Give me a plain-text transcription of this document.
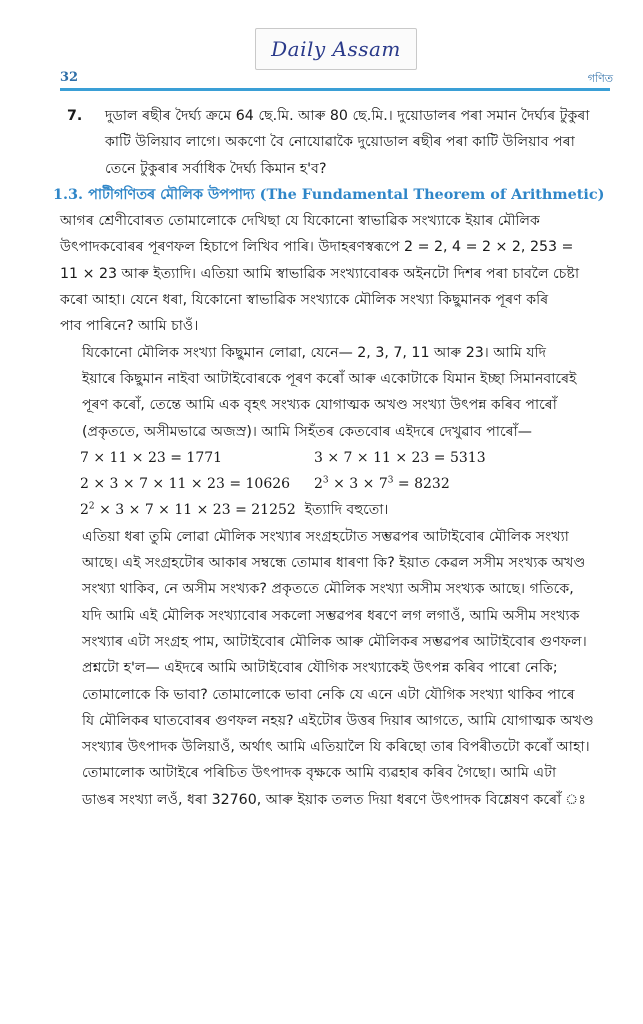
Daily Assam
32	গণিত
7.	দুডাল ৰছীৰ দৈৰ্ঘ্য ক্ৰমে 64 ছে.মি. আৰু 80 ছে.মি.। দুয়োডালৰ পৰা সমান দৈৰ্ঘ্যৰ টুকুৰা
কাটি উলিয়াব লাগে। অকণো বৈ নোযোৱাকৈ দুয়োডাল ৰছীৰ পৰা কাটি উলিয়াব পৰা
তেনে টুকুৰাৰ সৰ্বাধিক দৈৰ্ঘ্য কিমান হ'ব?
1.3. পাটীগণিতৰ মৌলিক উপপাদ্য (The Fundamental Theorem of Arithmetic)

আগৰ শ্ৰেণীবোৰত তোমালোকে দেখিছা যে যিকোনো স্বাভাৱিক সংখ্যাকে ইয়াৰ মৌলিক
উৎপাদকবোৰৰ পূৰণফল হিচাপে লিখিব পাৰি। উদাহৰণস্বৰূপে 2 = 2, 4 = 2 × 2, 253 =
11 × 23 আৰু ইত্যাদি। এতিয়া আমি স্বাভাৱিক সংখ্যাবোৰক অইনটো দিশৰ পৰা চাবলৈ চেষ্টা
কৰো আহা। যেনে ধৰা, যিকোনো স্বাভাৱিক সংখ্যাকে মৌলিক সংখ্যা কিছুমানক পূৰণ কৰি
পাব পাৰিনে? আমি চাওঁ।

যিকোনো মৌলিক সংখ্যা কিছুমান লোৱা, যেনে— 2, 3, 7, 11 আৰু 23। আমি যদি
ইয়াৰে কিছুমান নাইবা আটাইবোৰকে পূৰণ কৰোঁ আৰু একোটাকে যিমান ইচ্ছা সিমানবাৰেই
পূৰণ কৰোঁ, তেন্তে আমি এক বৃহৎ সংখ্যক যোগাত্মক অখণ্ড সংখ্যা উৎপন্ন কৰিব পাৰোঁ
(প্ৰকৃততে, অসীমভাৱে অজস্ৰ)। আমি সিহঁতৰ কেতবোৰ এইদৰে দেখুৱাব পাৰোঁ—

7 × 11 × 23 = 1771	3 × 7 × 11 × 23 = 5313
2 × 3 × 7 × 11 × 23 = 10626	$2^3 \times 3 \times 7^3 = 8232$
$2^2 \times 3 \times 7 \times 11 \times 23 = 21252$ ইত্যাদি বহুতো।

এতিয়া ধৰা তুমি লোৱা মৌলিক সংখ্যাৰ সংগ্ৰহটোত সম্ভৱপৰ আটাইবোৰ মৌলিক সংখ্যা
আছে। এই সংগ্ৰহটোৰ আকাৰ সম্বন্ধে তোমাৰ ধাৰণা কি? ইয়াত কেৱল সসীম সংখ্যক অখণ্ড
সংখ্যা থাকিব, নে অসীম সংখ্যক? প্ৰকৃততে মৌলিক সংখ্যা অসীম সংখ্যক আছে। গতিকে,
যদি আমি এই মৌলিক সংখ্যাবোৰ সকলো সম্ভৱপৰ ধৰণে লগ লগাওঁ, আমি অসীম সংখ্যক
সংখ্যাৰ এটা সংগ্ৰহ পাম, আটাইবোৰ মৌলিক আৰু মৌলিকৰ সম্ভৱপৰ আটাইবোৰ গুণফল।
প্ৰশ্নটো হ'ল— এইদৰে আমি আটাইবোৰ যৌগিক সংখ্যাকেই উৎপন্ন কৰিব পাৰো নেকি;
তোমালোকে কি ভাবা? তোমালোকে ভাবা নেকি যে এনে এটা যৌগিক সংখ্যা থাকিব পাৰে
যি মৌলিকৰ ঘাতবোৰৰ গুণফল নহয়? এইটোৰ উত্তৰ দিয়াৰ আগতে, আমি যোগাত্মক অখণ্ড
সংখ্যাৰ উৎপাদক উলিয়াওঁ, অৰ্থাৎ আমি এতিয়ালৈ যি কৰিছো তাৰ বিপৰীতটো কৰোঁ আহা।

তোমালোক আটাইৰে পৰিচিত উৎপাদক বৃক্ষকে আমি ব্যৱহাৰ কৰিব গৈছো। আমি এটা
ডাঙৰ সংখ্যা লওঁ, ধৰা 32760, আৰু ইয়াক তলত দিয়া ধৰণে উৎপাদক বিশ্লেষণ কৰোঁ ঃ
